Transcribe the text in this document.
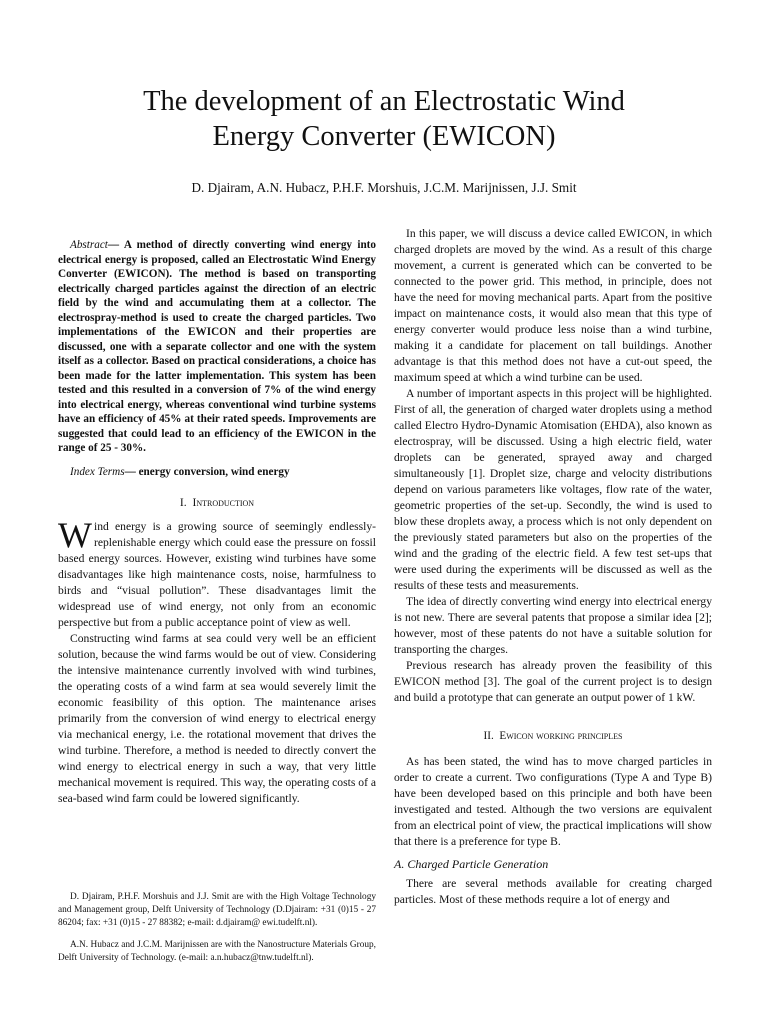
The development of an Electrostatic Wind
Energy Converter (EWICON)
D. Djairam, A.N. Hubacz, P.H.F. Morshuis, J.C.M. Marijnissen, J.J. Smit

Abstract— A method of directly converting wind energy into electrical energy is proposed, called an Electrostatic Wind Energy Converter (EWICON). The method is based on transporting electrically charged particles against the direction of an electric field by the wind and accumulating them at a collector. The electrospray-method is used to create the charged particles. Two implementations of the EWICON and their properties are discussed, one with a separate collector and one with the system itself as a collector. Based on practical considerations, a choice has been made for the latter implementation. This system has been tested and this resulted in a conversion of 7% of the wind energy into electrical energy, whereas conventional wind turbine systems have an efficiency of 45% at their rated speeds. Improvements are suggested that could lead to an efficiency of the EWICON in the range of 25 - 30%.

Index Terms— energy conversion, wind energy

I. Introduction

Wind energy is a growing source of seemingly endlessly-replenishable energy which could ease the pressure on fossil based energy sources. However, existing wind turbines have some disadvantages like high maintenance costs, noise, harmfulness to birds and “visual pollution”. These disadvantages limit the widespread use of wind energy, not only from an economic perspective but from a public acceptance point of view as well.

Constructing wind farms at sea could very well be an efficient solution, because the wind farms would be out of view. Considering the intensive maintenance currently involved with wind turbines, the operating costs of a wind farm at sea would severely limit the economic feasibility of this option. The maintenance arises primarily from the conversion of wind energy to electrical energy via mechanical energy, i.e. the rotational movement that drives the wind turbine. Therefore, a method is needed to directly convert the wind energy to electrical energy in such a way, that very little mechanical movement is required. This way, the operating costs of a sea-based wind farm could be lowered significantly.

D. Djairam, P.H.F. Morshuis and J.J. Smit are with the High Voltage Technology and Management group, Delft University of Technology (D.Djairam: +31 (0)15 - 27 86204; fax: +31 (0)15 - 27 88382; e-mail: d.djairam@ ewi.tudelft.nl).

A.N. Hubacz and J.C.M. Marijnissen are with the Nanostructure Materials Group, Delft University of Technology. (e-mail: a.n.hubacz@tnw.tudelft.nl).

In this paper, we will discuss a device called EWICON, in which charged droplets are moved by the wind. As a result of this charge movement, a current is generated which can be converted to be connected to the power grid. This method, in principle, does not have the need for moving mechanical parts. Apart from the positive impact on maintenance costs, it would also mean that this type of energy converter would produce less noise than a wind turbine, making it a candidate for placement on tall buildings. Another advantage is that this method does not have a cut-out speed, the maximum speed at which a wind turbine can be used.

A number of important aspects in this project will be highlighted. First of all, the generation of charged water droplets using a method called Electro Hydro-Dynamic Atomisation (EHDA), also known as electrospray, will be discussed. Using a high electric field, water droplets can be generated, sprayed away and charged simultaneously [1]. Droplet size, charge and velocity distributions depend on various parameters like voltages, flow rate of the water, geometric properties of the set-up. Secondly, the wind is used to blow these droplets away, a process which is not only dependent on the previously stated parameters but also on the properties of the wind and the grading of the electric field. A few test set-ups that were used during the experiments will be discussed as well as the results of these tests and measurements.

The idea of directly converting wind energy into electrical energy is not new. There are several patents that propose a similar idea [2]; however, most of these patents do not have a suitable solution for transporting the charges.

Previous research has already proven the feasibility of this EWICON method [3]. The goal of the current project is to design and build a prototype that can generate an output power of 1 kW.

II. Ewicon working principles

As has been stated, the wind has to move charged particles in order to create a current. Two configurations (Type A and Type B) have been developed based on this principle and both have been investigated and tested. Although the two versions are equivalent from an electrical point of view, the practical implications will show that there is a preference for type B.

A. Charged Particle Generation

There are several methods available for creating charged particles. Most of these methods require a lot of energy and
